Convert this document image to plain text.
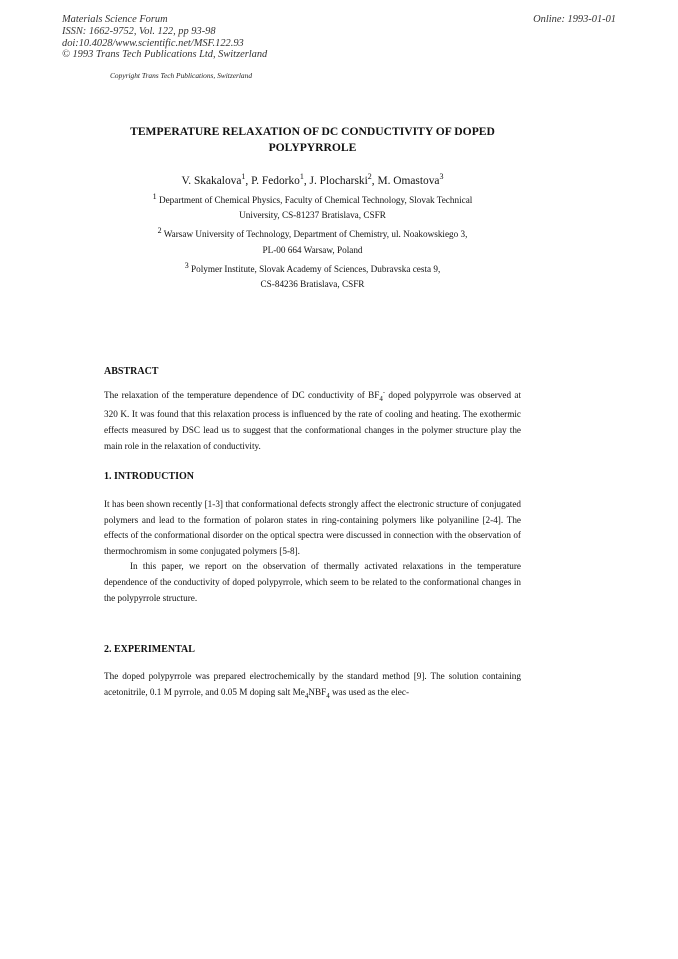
Materials Science Forum
ISSN: 1662-9752, Vol. 122, pp 93-98
doi:10.4028/www.scientific.net/MSF.122.93
© 1993 Trans Tech Publications Ltd, Switzerland
Online: 1993-01-01
Copyright Trans Tech Publications, Switzerland

TEMPERATURE RELAXATION OF DC CONDUCTIVITY OF DOPED
POLYPYRROLE

V. Skakalova$^1$, P. Fedorko$^1$, J. Plocharski$^2$, M. Omastova$^3$
$^1$ Department of Chemical Physics, Faculty of Chemical Technology, Slovak Technical
University, CS-81237 Bratislava, CSFR
$^2$ Warsaw University of Technology, Department of Chemistry, ul. Noakowskiego 3,
PL-00 664 Warsaw, Poland
$^3$ Polymer Institute, Slovak Academy of Sciences, Dubravska cesta 9,
CS-84236 Bratislava, CSFR

ABSTRACT

The relaxation of the temperature dependence of DC conductivity of $BF_4^-$ doped polypyrrole was observed at 320 K. It was found that this relaxation process is influenced by the rate of cooling and heating. The exothermic effects measured by DSC lead us to suggest that the conformational changes in the polymer structure play the main role in the relaxation of conductivity.

1. INTRODUCTION

It has been shown recently [1-3] that conformational defects strongly affect the electronic structure of conjugated polymers and lead to the formation of polaron states in ring-containing polymers like polyaniline [2-4]. The effects of the conformational disorder on the optical spectra were discussed in connection with the observation of thermochromism in some conjugated polymers [5-8].

In this paper, we report on the observation of thermally activated relaxations in the temperature dependence of the conductivity of doped polypyrrole, which seem to be related to the conformational changes in the polypyrrole structure.

2. EXPERIMENTAL

The doped polypyrrole was prepared electrochemically by the standard method [9]. The solution containing acetonitrile, 0.1 M pyrrole, and 0.05 M doping salt $Me_4NBF_4$ was used as the elec-
